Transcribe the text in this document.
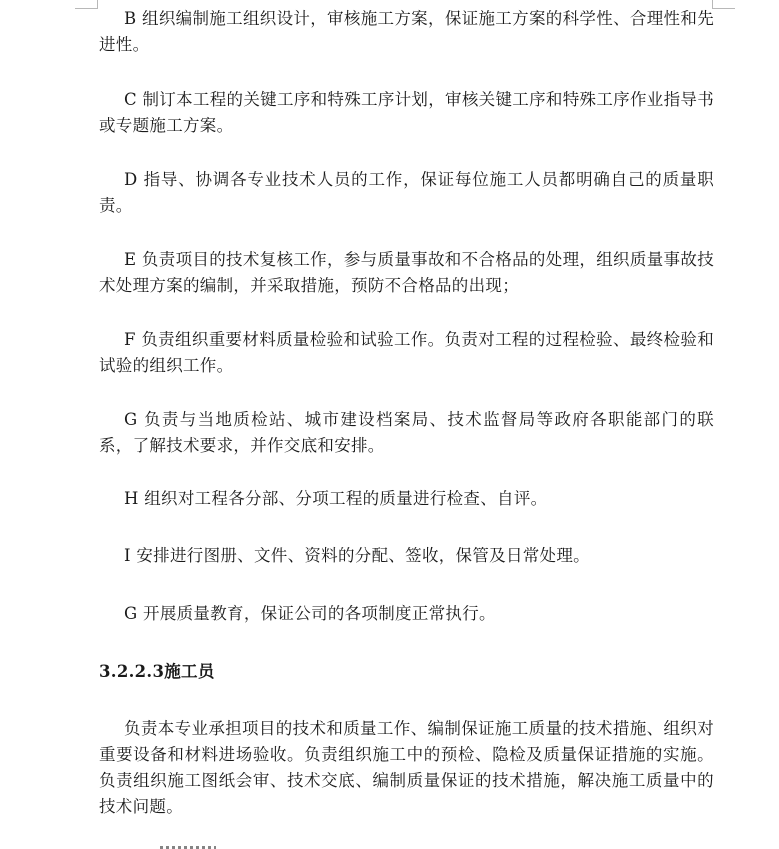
B 组织编制施工组织设计，审核施工方案，保证施工方案的科学性、合理性和先进性。

C 制订本工程的关键工序和特殊工序计划，审核关键工序和特殊工序作业指导书或专题施工方案。

D 指导、协调各专业技术人员的工作，保证每位施工人员都明确自己的质量职责。

E 负责项目的技术复核工作，参与质量事故和不合格品的处理，组织质量事故技术处理方案的编制，并采取措施，预防不合格品的出现；

F 负责组织重要材料质量检验和试验工作。负责对工程的过程检验、最终检验和试验的组织工作。

G 负责与当地质检站、城市建设档案局、技术监督局等政府各职能部门的联系，了解技术要求，并作交底和安排。

H 组织对工程各分部、分项工程的质量进行检查、自评。

I 安排进行图册、文件、资料的分配、签收，保管及日常处理。

G 开展质量教育，保证公司的各项制度正常执行。

3.2.2.3施工员

负责本专业承担项目的技术和质量工作、编制保证施工质量的技术措施、组织对重要设备和材料进场验收。负责组织施工中的预检、隐检及质量保证措施的实施。负责组织施工图纸会审、技术交底、编制质量保证的技术措施，解决施工质量中的技术问题。
